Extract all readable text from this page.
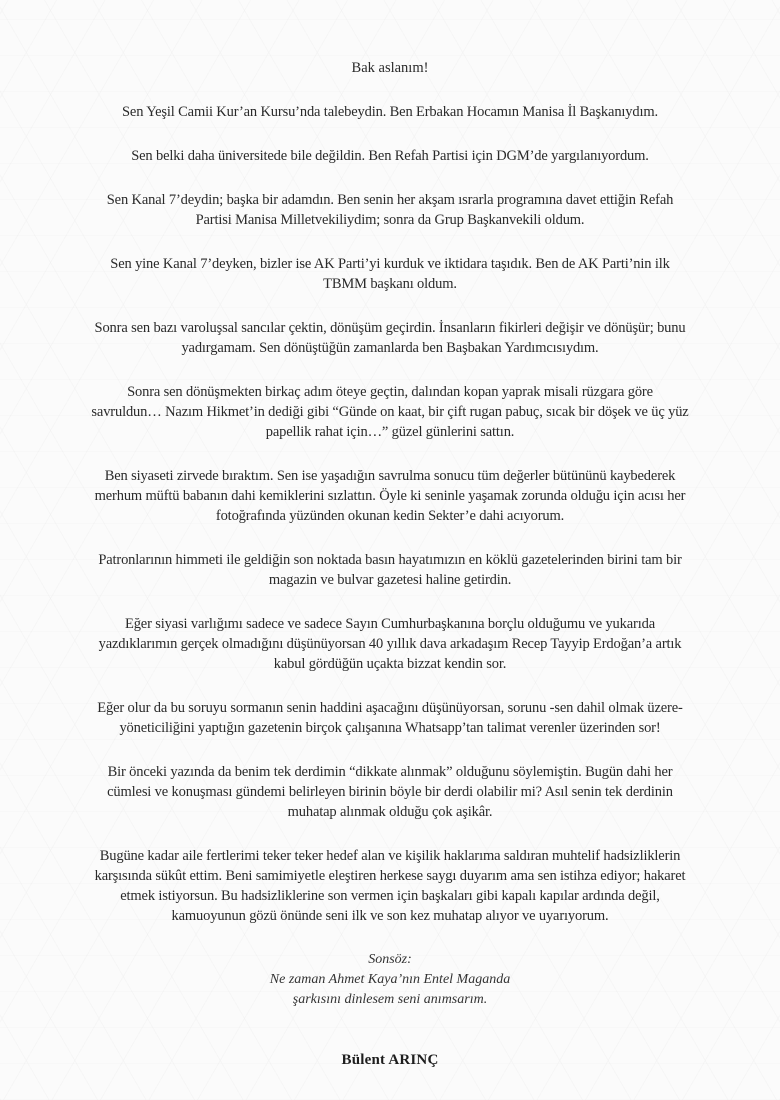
Bak aslanım!

Sen Yeşil Camii Kur’an Kursu’nda talebeydin. Ben Erbakan Hocamın Manisa İl Başkanıydım.
Sen belki daha üniversitede bile değildin. Ben Refah Partisi için DGM’de yargılanıyordum.
Sen Kanal 7’deydin; başka bir adamdın. Ben senin her akşam ısrarla programına davet ettiğin Refah
Partisi Manisa Milletvekiliydim; sonra da Grup Başkanvekili oldum.
Sen yine Kanal 7’deyken, bizler ise AK Parti’yi kurduk ve iktidara taşıdık. Ben de AK Parti’nin ilk
TBMM başkanı oldum.
Sonra sen bazı varoluşsal sancılar çektin, dönüşüm geçirdin. İnsanların fikirleri değişir ve dönüşür; bunu
yadırgamam. Sen dönüştüğün zamanlarda ben Başbakan Yardımcısıydım.
Sonra sen dönüşmekten birkaç adım öteye geçtin, dalından kopan yaprak misali rüzgara göre
savruldun… Nazım Hikmet’in dediği gibi “Günde on kaat, bir çift rugan pabuç, sıcak bir döşek ve üç yüz
papellik rahat için…” güzel günlerini sattın.
Ben siyaseti zirvede bıraktım. Sen ise yaşadığın savrulma sonucu tüm değerler bütününü kaybederek
merhum müftü babanın dahi kemiklerini sızlattın. Öyle ki seninle yaşamak zorunda olduğu için acısı her
fotoğrafında yüzünden okunan kedin Sekter’e dahi acıyorum.
Patronlarının himmeti ile geldiğin son noktada basın hayatımızın en köklü gazetelerinden birini tam bir
magazin ve bulvar gazetesi haline getirdin.
Eğer siyasi varlığımı sadece ve sadece Sayın Cumhurbaşkanına borçlu olduğumu ve yukarıda
yazdıklarımın gerçek olmadığını düşünüyorsan 40 yıllık dava arkadaşım Recep Tayyip Erdoğan’a artık
kabul gördüğün uçakta bizzat kendin sor.
Eğer olur da bu soruyu sormanın senin haddini aşacağını düşünüyorsan, sorunu -sen dahil olmak üzere-
yöneticiliğini yaptığın gazetenin birçok çalışanına Whatsapp’tan talimat verenler üzerinden sor!
Bir önceki yazında da benim tek derdimin “dikkate alınmak” olduğunu söylemiştin. Bugün dahi her
cümlesi ve konuşması gündemi belirleyen birinin böyle bir derdi olabilir mi? Asıl senin tek derdinin
muhatap alınmak olduğu çok aşikâr.
Bugüne kadar aile fertlerimi teker teker hedef alan ve kişilik haklarıma saldıran muhtelif hadsizliklerin
karşısında sükût ettim. Beni samimiyetle eleştiren herkese saygı duyarım ama sen istihza ediyor; hakaret
etmek istiyorsun. Bu hadsizliklerine son vermen için başkaları gibi kapalı kapılar ardında değil,
kamuoyunun gözü önünde seni ilk ve son kez muhatap alıyor ve uyarıyorum.
Sonsöz:
Ne zaman Ahmet Kaya’nın Entel Maganda
şarkısını dinlesem seni anımsarım.
Bülent ARINÇ
